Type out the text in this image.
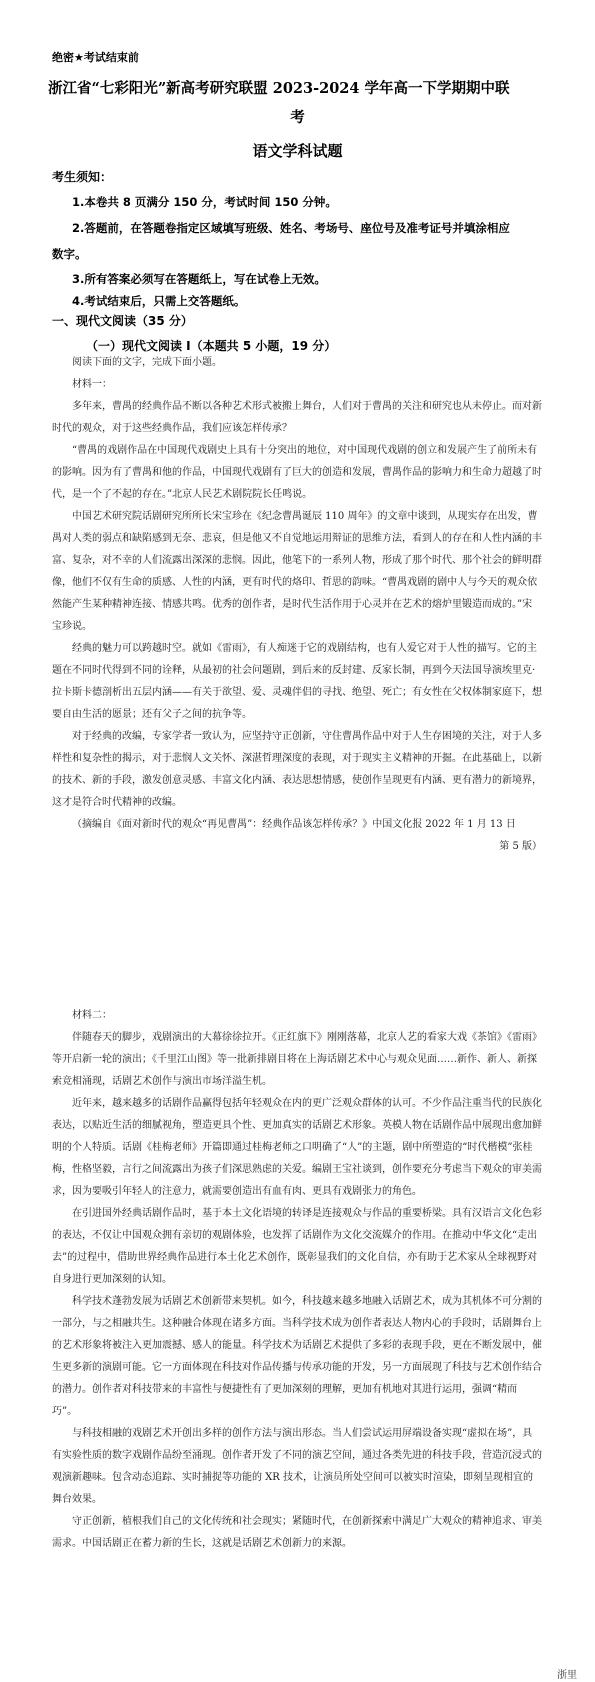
绝密★考试结束前
浙江省“七彩阳光”新高考研究联盟 2023-2024 学年高一下学期期中联
考
语文学科试题
考生须知：
1.本卷共 8 页满分 150 分，考试时间 150 分钟。
2.答题前，在答题卷指定区域填写班级、姓名、考场号、座位号及准考证号并填涂相应
数字。
3.所有答案必须写在答题纸上，写在试卷上无效。
4.考试结束后，只需上交答题纸。
一、现代文阅读（35 分）
（一）现代文阅读 I（本题共 5 小题，19 分）

阅读下面的文字，完成下面小题。

材料一：

多年来，曹禺的经典作品不断以各种艺术形式被搬上舞台，人们对于曹禺的关注和研究也从未停止。而对新时代的观众，对于这些经典作品，我们应该怎样传承？

“曹禺的戏剧作品在中国现代戏剧史上具有十分突出的地位，对中国现代戏剧的创立和发展产生了前所未有的影响。因为有了曹禺和他的作品，中国现代戏剧有了巨大的创造和发展，曹禺作品的影响力和生命力超越了时代，是一个了不起的存在。”北京人民艺术剧院院长任鸣说。

中国艺术研究院话剧研究所所长宋宝珍在《纪念曹禺诞辰 110 周年》的文章中谈到，从现实存在出发，曹禺对人类的弱点和缺陷感到无奈、悲哀，但是他又不自觉地运用辩证的思维方法，看到人的存在和人性内涵的丰富、复杂，对不幸的人们流露出深深的悲悯。因此，他笔下的一系列人物，形成了那个时代、那个社会的鲜明群像，他们不仅有生命的质感、人性的内涵，更有时代的烙印、哲思的韵味。“曹禺戏剧的剧中人与今天的观众依然能产生某种精神连接、情感共鸣。优秀的创作者，是时代生活作用于心灵并在艺术的熔炉里锻造而成的。”宋宝珍说。

经典的魅力可以跨越时空。就如《雷雨》，有人痴迷于它的戏剧结构，也有人爱它对于人性的描写。它的主题在不同时代得到不同的诠释，从最初的社会问题剧，到后来的反封建、反家长制，再到今天法国导演埃里克·拉卡斯卡德剖析出五层内涵——有关于欲望、爱、灵魂伴侣的寻找、绝望、死亡；有女性在父权体制家庭下，想要自由生活的愿景；还有父子之间的抗争等。

对于经典的改编，专家学者一致认为，应坚持守正创新，守住曹禺作品中对于人生存困境的关注，对于人多样性和复杂性的揭示，对于悲悯人文关怀、深湛哲理深度的表现，对于现实主义精神的开掘。在此基础上，以新的技术、新的手段，激发创意灵感、丰富文化内涵、表达思想情感，使创作呈现更有内涵、更有潜力的新境界，这才是符合时代精神的改编。

（摘编自《面对新时代的观众“再见曹禺”：经典作品该怎样传承？》中国文化报 2022 年 1 月 13 日

第 5 版）

材料二：

伴随春天的脚步，戏剧演出的大幕徐徐拉开。《正红旗下》刚刚落幕，北京人艺的看家大戏《茶馆》《雷雨》等开启新一轮的演出；《千里江山图》等一批新排剧目将在上海话剧艺术中心与观众见面……新作、新人、新探索竞相涌现，话剧艺术创作与演出市场洋溢生机。

近年来，越来越多的话剧作品赢得包括年轻观众在内的更广泛观众群体的认可。不少作品注重当代的民族化表达，以贴近生活的细腻视角，塑造更具个性、更加真实的话剧艺术形象。英模人物在话剧作品中展现出愈加鲜明的个人特质。话剧《桂梅老师》开篇即通过桂梅老师之口明确了“人”的主题，剧中所塑造的“时代楷模”张桂梅，性格坚毅，言行之间流露出为孩子们深思熟虑的关爱。编剧王宝社谈到，创作要充分考虑当下观众的审美需求，因为要吸引年轻人的注意力，就需要创造出有血有肉、更具有戏剧张力的角色。

在引进国外经典话剧作品时，基于本土文化语境的转译是连接观众与作品的重要桥梁。具有汉语言文化色彩的表达，不仅让中国观众拥有亲切的观剧体验，也发挥了话剧作为文化交流媒介的作用。在推动中华文化“走出去”的过程中，借助世界经典作品进行本土化艺术创作，既彰显我们的文化自信，亦有助于艺术家从全球视野对自身进行更加深刻的认知。

科学技术蓬勃发展为话剧艺术创新带来契机。如今，科技越来越多地融入话剧艺术，成为其机体不可分割的一部分，与之相融共生。这种融合体现在诸多方面。当科学技术成为创作者表达人物内心的手段时，话剧舞台上的艺术形象将被注入更加震撼、感人的能量。科学技术为话剧艺术提供了多彩的表现手段，更在不断发展中，催生更多新的演剧可能。它一方面体现在科技对作品传播与传承功能的开发，另一方面展现了科技与艺术创作结合的潜力。创作者对科技带来的丰富性与便捷性有了更加深刻的理解，更加有机地对其进行运用，强调“精而巧”。

与科技相融的戏剧艺术开创出多样的创作方法与演出形态。当人们尝试运用屏端设备实现“虚拟在场”，具有实验性质的数字戏剧作品纷至涌现。创作者开发了不同的演艺空间，通过各类先进的科技手段，营造沉浸式的观演新趣味。包含动态追踪、实时捕捉等功能的 XR 技术，让演员所处空间可以被实时渲染，即刻呈现相宜的舞台效果。

守正创新，植根我们自己的文化传统和社会现实；紧随时代，在创新探索中满足广大观众的精神追求、审美需求。中国话剧正在蓄力新的生长，这就是话剧艺术创新力的来源。

浙里
